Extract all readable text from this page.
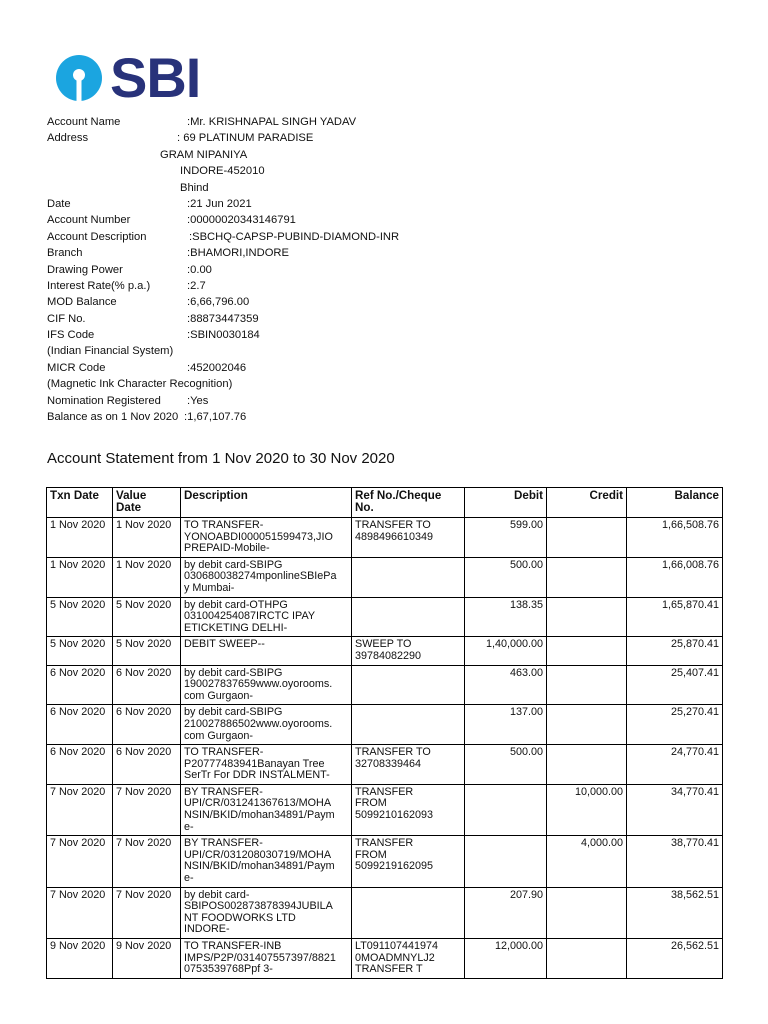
SBI
Account Name	:Mr. KRISHNAPAL SINGH YADAV
Address	: 69 PLATINUM PARADISE
GRAM NIPANIYA
INDORE-452010
Bhind
Date	:21 Jun 2021
Account Number	:00000020343146791
Account Description	:SBCHQ-CAPSP-PUBIND-DIAMOND-INR
Branch	:BHAMORI,INDORE
Drawing Power	:0.00
Interest Rate(% p.a.)	:2.7
MOD Balance	:6,66,796.00
CIF No.	:88873447359
IFS Code	:SBIN0030184
(Indian Financial System)
MICR Code	:452002046
(Magnetic Ink Character Recognition)
Nomination Registered :Yes
Balance as on 1 Nov 2020 :1,67,107.76
Account Statement from 1 Nov 2020 to 30 Nov 2020
Txn Date	Value
Date	Description	Ref No./Cheque
No.	Debit	Credit	Balance
1 Nov 2020	1 Nov 2020	TO TRANSFER-
YONOABDI000051599473,JIO
PREPAID-Mobile-	TRANSFER TO
4898496610349	599.00		1,66,508.76
1 Nov 2020	1 Nov 2020	by debit card-SBIPG
030680038274mponlineSBIePa
y Mumbai-		500.00		1,66,008.76
5 Nov 2020	5 Nov 2020	by debit card-OTHPG
031004254087IRCTC IPAY
ETICKETING DELHI-		138.35		1,65,870.41
5 Nov 2020	5 Nov 2020	DEBIT SWEEP--	SWEEP TO
39784082290	1,40,000.00		25,870.41
6 Nov 2020	6 Nov 2020	by debit card-SBIPG
190027837659www.oyorooms.
com Gurgaon-		463.00		25,407.41
6 Nov 2020	6 Nov 2020	by debit card-SBIPG
210027886502www.oyorooms.
com Gurgaon-		137.00		25,270.41
6 Nov 2020	6 Nov 2020	TO TRANSFER-
P20777483941Banayan Tree
SerTr For DDR INSTALMENT-	TRANSFER TO
32708339464	500.00		24,770.41
7 Nov 2020	7 Nov 2020	BY TRANSFER-
UPI/CR/031241367613/MOHA
NSIN/BKID/mohan34891/Paym
e-	TRANSFER
FROM
5099210162093		10,000.00	34,770.41
7 Nov 2020	7 Nov 2020	BY TRANSFER-
UPI/CR/031208030719/MOHA
NSIN/BKID/mohan34891/Paym
e-	TRANSFER
FROM
5099219162095		4,000.00	38,770.41
7 Nov 2020	7 Nov 2020	by debit card-
SBIPOS002873878394JUBILA
NT FOODWORKS LTD
INDORE-		207.90		38,562.51
9 Nov 2020	9 Nov 2020	TO TRANSFER-INB
IMPS/P2P/031407557397/8821
0753539768Ppf 3-	LT091107441974
0MOADMNYLJ2
TRANSFER T	12,000.00		26,562.51
